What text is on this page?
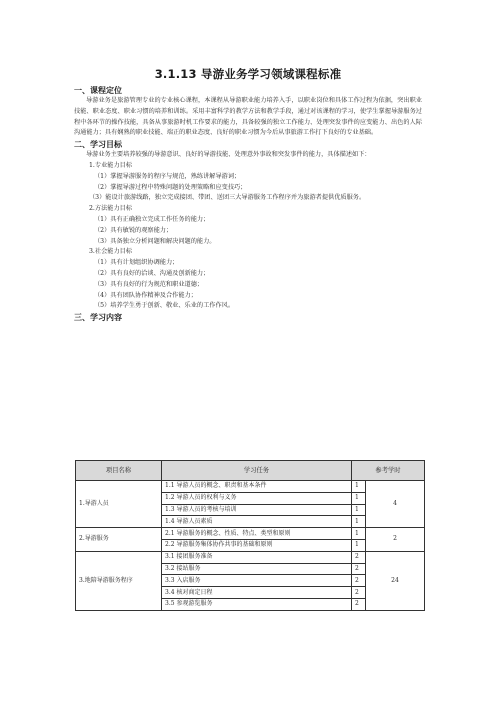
3.1.13 导游业务学习领域课程标准
一、课程定位

导游业务是旅游管理专业的专业核心课程，本课程从导游职业能力培养入手，以职业岗位和具体工作过程为依据，突出职业技能、职业态度、职业习惯的培养和训练。采用丰富科学的教学方法和教学手段，通过对该课程的学习，使学生掌握导游服务过程中各环节的操作技能，具备从事旅游时机工作要求的能力，具备较强的独立工作能力、处理突发事件的应变能力、出色的人际沟通能力；具有娴熟的职业技能、端正的职业态度、良好的职业习惯为今后从事旅游工作打下良好的专业基础。

二、学习目标

导游业务主要培养较强的导游意识、良好的导游技能、处理意外事故和突发事件的能力，具体描述如下：

1.专业能力目标

（1）掌握导游服务的程序与规范，熟练讲解导游词；

（2）掌握导游过程中特殊问题的处理策略和应变技巧；

（3）能设计旅游线路，独立完成接团、带团、送团三大导游服务工作程序并为旅游者提供优质服务。

2.方法能力目标

（1）具有正确独立完成工作任务的能力；

（2）具有敏锐的观察能力；

（3）具备独立分析问题和解决问题的能力。

3.社会能力目标

（1）具有计划组织协调能力；

（2）具有良好的洽谈、沟通及创新能力；

（3）具有良好的行为规范和职业道德；

（4）具有团队协作精神及合作能力；

（5）培养学生勇于创新、敬业、乐业的工作作风。

三、学习内容
项目名称	学习任务	参考学时	
1.导游人员	1.1 导游人员的概念、职责和基本条件	1	4
	1.2 导游人员的权利与义务	1	
	1.3 导游人员的考核与培训	1	
	1.4 导游人员素质	1	
2.导游服务	2.1 导游服务的概念、性质、特点、类型和原则	1	2
	2.2 导游服务集体协作共事的基础和原则	1	
3.地陪导游服务程序	3.1 接团服务准备	2	24
	3.2 接站服务	2	
	3.3 入店服务	2	
	3.4 核对商定日程	2	
	3.5 参观游览服务	2	
